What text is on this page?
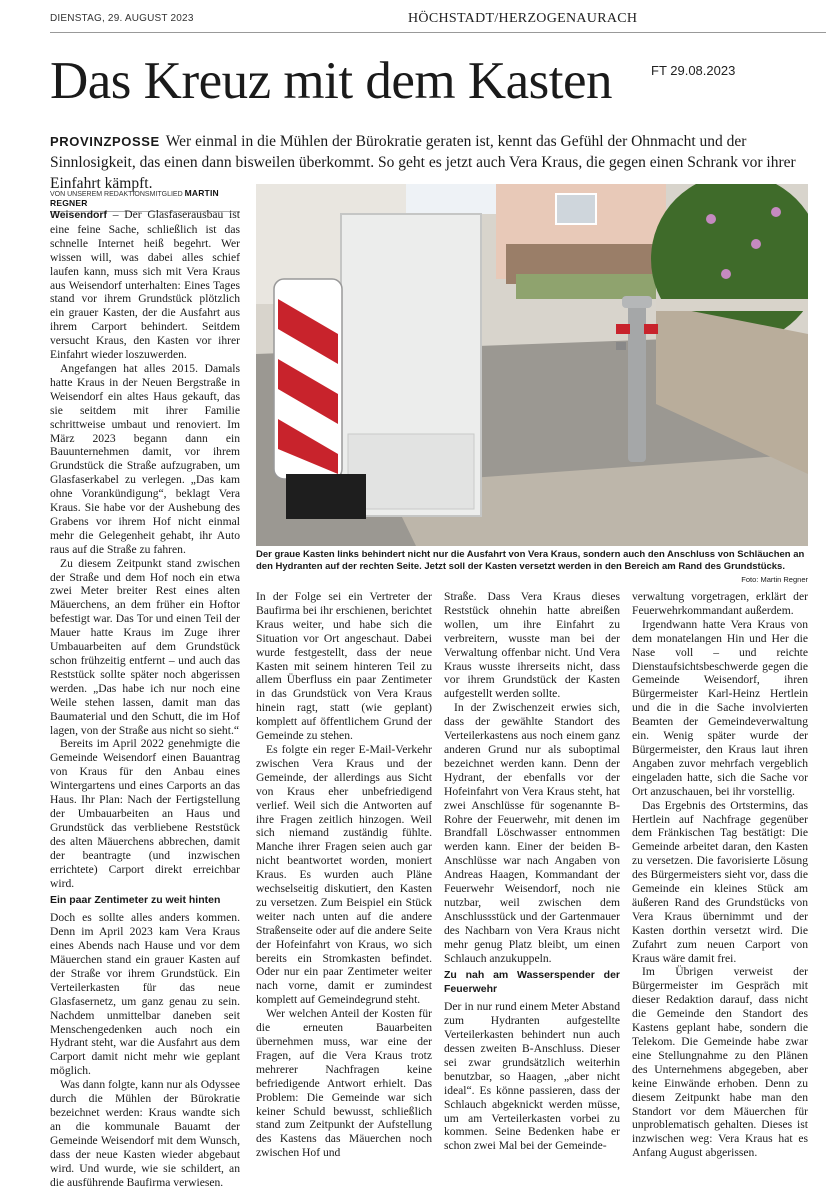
DIENSTAG, 29. AUGUST 2023	HÖCHSTADT/HERZOGENAURACH
Das Kreuz mit dem Kasten	FT 29.08.2023
PROVINZPOSSE Wer einmal in die Mühlen der Bürokratie geraten ist, kennt das Gefühl der Ohnmacht und der Sinnlosigkeit, das einen dann bisweilen überkommt. So geht es jetzt auch Vera Kraus, die gegen einen Schrank vor ihrer Einfahrt kämpft.
VON UNSEREM REDAKTIONSMITGLIED MARTIN REGNER
Der graue Kasten links behindert nicht nur die Ausfahrt von Vera Kraus, sondern auch den Anschluss von Schläuchen an den Hydranten auf der rechten Seite. Jetzt soll der Kasten versetzt werden in den Bereich am Rand des Grundstücks.
Foto: Martin Regner

Weisendorf – Der Glasfaserausbau ist eine feine Sache, schließlich ist das schnelle Internet heiß begehrt. Wer wissen will, was dabei alles schief laufen kann, muss sich mit Vera Kraus aus Weisendorf unterhalten: Eines Tages stand vor ihrem Grundstück plötzlich ein grauer Kasten, der die Ausfahrt aus ihrem Carport behindert. Seitdem versucht Kraus, den Kasten vor ihrer Einfahrt wieder loszuwerden.

Angefangen hat alles 2015. Damals hatte Kraus in der Neuen Bergstraße in Weisendorf ein altes Haus gekauft, das sie seitdem mit ihrer Familie schrittweise umbaut und renoviert. Im März 2023 begann dann ein Bauunternehmen damit, vor ihrem Grundstück die Straße aufzugraben, um Glasfaserkabel zu verlegen. „Das kam ohne Vorankündigung“, beklagt Vera Kraus. Sie habe vor der Aushebung des Grabens vor ihrem Hof nicht einmal mehr die Gelegenheit gehabt, ihr Auto raus auf die Straße zu fahren.

Zu diesem Zeitpunkt stand zwischen der Straße und dem Hof noch ein etwa zwei Meter breiter Rest eines alten Mäuerchens, an dem früher ein Hoftor befestigt war. Das Tor und einen Teil der Mauer hatte Kraus im Zuge ihrer Umbauarbeiten auf dem Grundstück schon frühzeitig entfernt – und auch das Reststück sollte später noch abgerissen werden. „Das habe ich nur noch eine Weile stehen lassen, damit man das Baumaterial und den Schutt, die im Hof lagen, von der Straße aus nicht so sieht.“

Bereits im April 2022 genehmigte die Gemeinde Weisendorf einen Bauantrag von Kraus für den Anbau eines Wintergartens und eines Carports an das Haus. Ihr Plan: Nach der Fertigstellung der Umbauarbeiten an Haus und Grundstück das verbliebene Reststück des alten Mäuerchens abbrechen, damit der beantragte (und inzwischen errichtete) Carport direkt erreichbar wird.

Ein paar Zentimeter zu weit hinten

Doch es sollte alles anders kommen. Denn im April 2023 kam Vera Kraus eines Abends nach Hause und vor dem Mäuerchen stand ein grauer Kasten auf der Straße vor ihrem Grundstück. Ein Verteilerkasten für das neue Glasfasernetz, um ganz genau zu sein. Nachdem unmittelbar daneben seit Menschengedenken auch noch ein Hydrant steht, war die Ausfahrt aus dem Carport damit nicht mehr wie geplant möglich.

Was dann folgte, kann nur als Odyssee durch die Mühlen der Bürokratie bezeichnet werden: Kraus wandte sich an die kommunale Bauamt der Gemeinde Weisendorf mit dem Wunsch, dass der neue Kasten wieder abgebaut wird. Und wurde, wie sie schildert, an die ausführende Baufirma verwiesen.

In der Folge sei ein Vertreter der Baufirma bei ihr erschienen, berichtet Kraus weiter, und habe sich die Situation vor Ort angeschaut. Dabei wurde festgestellt, dass der neue Kasten mit seinem hinteren Teil zu allem Überfluss ein paar Zentimeter in das Grundstück von Vera Kraus hinein ragt, statt (wie geplant) komplett auf öffentlichem Grund der Gemeinde zu stehen.

Es folgte ein reger E-Mail-Verkehr zwischen Vera Kraus und der Gemeinde, der allerdings aus Sicht von Kraus eher unbefriedigend verlief. Weil sich die Antworten auf ihre Fragen zeitlich hinzogen. Weil sich niemand zuständig fühlte. Manche ihrer Fragen seien auch gar nicht beantwortet worden, moniert Kraus. Es wurden auch Pläne wechselseitig diskutiert, den Kasten zu versetzen. Zum Beispiel ein Stück weiter nach unten auf die andere Straßenseite oder auf die andere Seite der Hofeinfahrt von Kraus, wo sich bereits ein Stromkasten befindet. Oder nur ein paar Zentimeter weiter nach vorne, damit er zumindest komplett auf Gemeindegrund steht.

Wer welchen Anteil der Kosten für die erneuten Bauarbeiten übernehmen muss, war eine der Fragen, auf die Vera Kraus trotz mehrerer Nachfragen keine befriedigende Antwort erhielt. Das Problem: Die Gemeinde war sich keiner Schuld bewusst, schließlich stand zum Zeitpunkt der Aufstellung des Kastens das Mäuerchen noch zwischen Hof und

Straße. Dass Vera Kraus dieses Reststück ohnehin hatte abreißen wollen, um ihre Einfahrt zu verbreitern, wusste man bei der Verwaltung offenbar nicht. Und Vera Kraus wusste ihrerseits nicht, dass vor ihrem Grundstück der Kasten aufgestellt werden sollte.

In der Zwischenzeit erwies sich, dass der gewählte Standort des Verteilerkastens aus noch einem ganz anderen Grund nur als suboptimal bezeichnet werden kann. Denn der Hydrant, der ebenfalls vor der Hofeinfahrt von Vera Kraus steht, hat zwei Anschlüsse für sogenannte B-Rohre der Feuerwehr, mit denen im Brandfall Löschwasser entnommen werden kann. Einer der beiden B-Anschlüsse war nach Angaben von Andreas Haagen, Kommandant der Feuerwehr Weisendorf, noch nie nutzbar, weil zwischen dem Anschlussstück und der Gartenmauer des Nachbarn von Vera Kraus nicht mehr genug Platz bleibt, um einen Schlauch anzukuppeln.

Zu nah am Wasserspender der Feuerwehr

Der in nur rund einem Meter Abstand zum Hydranten aufgestellte Verteilerkasten behindert nun auch dessen zweiten B-Anschluss. Dieser sei zwar grundsätzlich weiterhin benutzbar, so Haagen, „aber nicht ideal“. Es könne passieren, dass der Schlauch abgeknickt werden müsse, um am Verteilerkasten vorbei zu kommen. Seine Bedenken habe er schon zwei Mal bei der Gemeinde-

verwaltung vorgetragen, erklärt der Feuerwehrkommandant außerdem.

Irgendwann hatte Vera Kraus von dem monatelangen Hin und Her die Nase voll – und reichte Dienstaufsichtsbeschwerde gegen die Gemeinde Weisendorf, ihren Bürgermeister Karl-Heinz Hertlein und die in die Sache involvierten Beamten der Gemeindeverwaltung ein. Wenig später wurde der Bürgermeister, den Kraus laut ihren Angaben zuvor mehrfach vergeblich eingeladen hatte, sich die Sache vor Ort anzuschauen, bei ihr vorstellig.

Das Ergebnis des Ortstermins, das Hertlein auf Nachfrage gegenüber dem Fränkischen Tag bestätigt: Die Gemeinde arbeitet daran, den Kasten zu versetzen. Die favorisierte Lösung des Bürgermeisters sieht vor, dass die Gemeinde ein kleines Stück am äußeren Rand des Grundstücks von Vera Kraus übernimmt und der Kasten dorthin versetzt wird. Die Zufahrt zum neuen Carport von Kraus wäre damit frei.

Im Übrigen verweist der Bürgermeister im Gespräch mit dieser Redaktion darauf, dass nicht die Gemeinde den Standort des Kastens geplant habe, sondern die Telekom. Die Gemeinde habe zwar eine Stellungnahme zu den Plänen des Unternehmens abgegeben, aber keine Einwände erhoben. Denn zu diesem Zeitpunkt habe man den Standort vor dem Mäuerchen für unproblematisch gehalten. Dieses ist inzwischen weg: Vera Kraus hat es Anfang August abgerissen.
